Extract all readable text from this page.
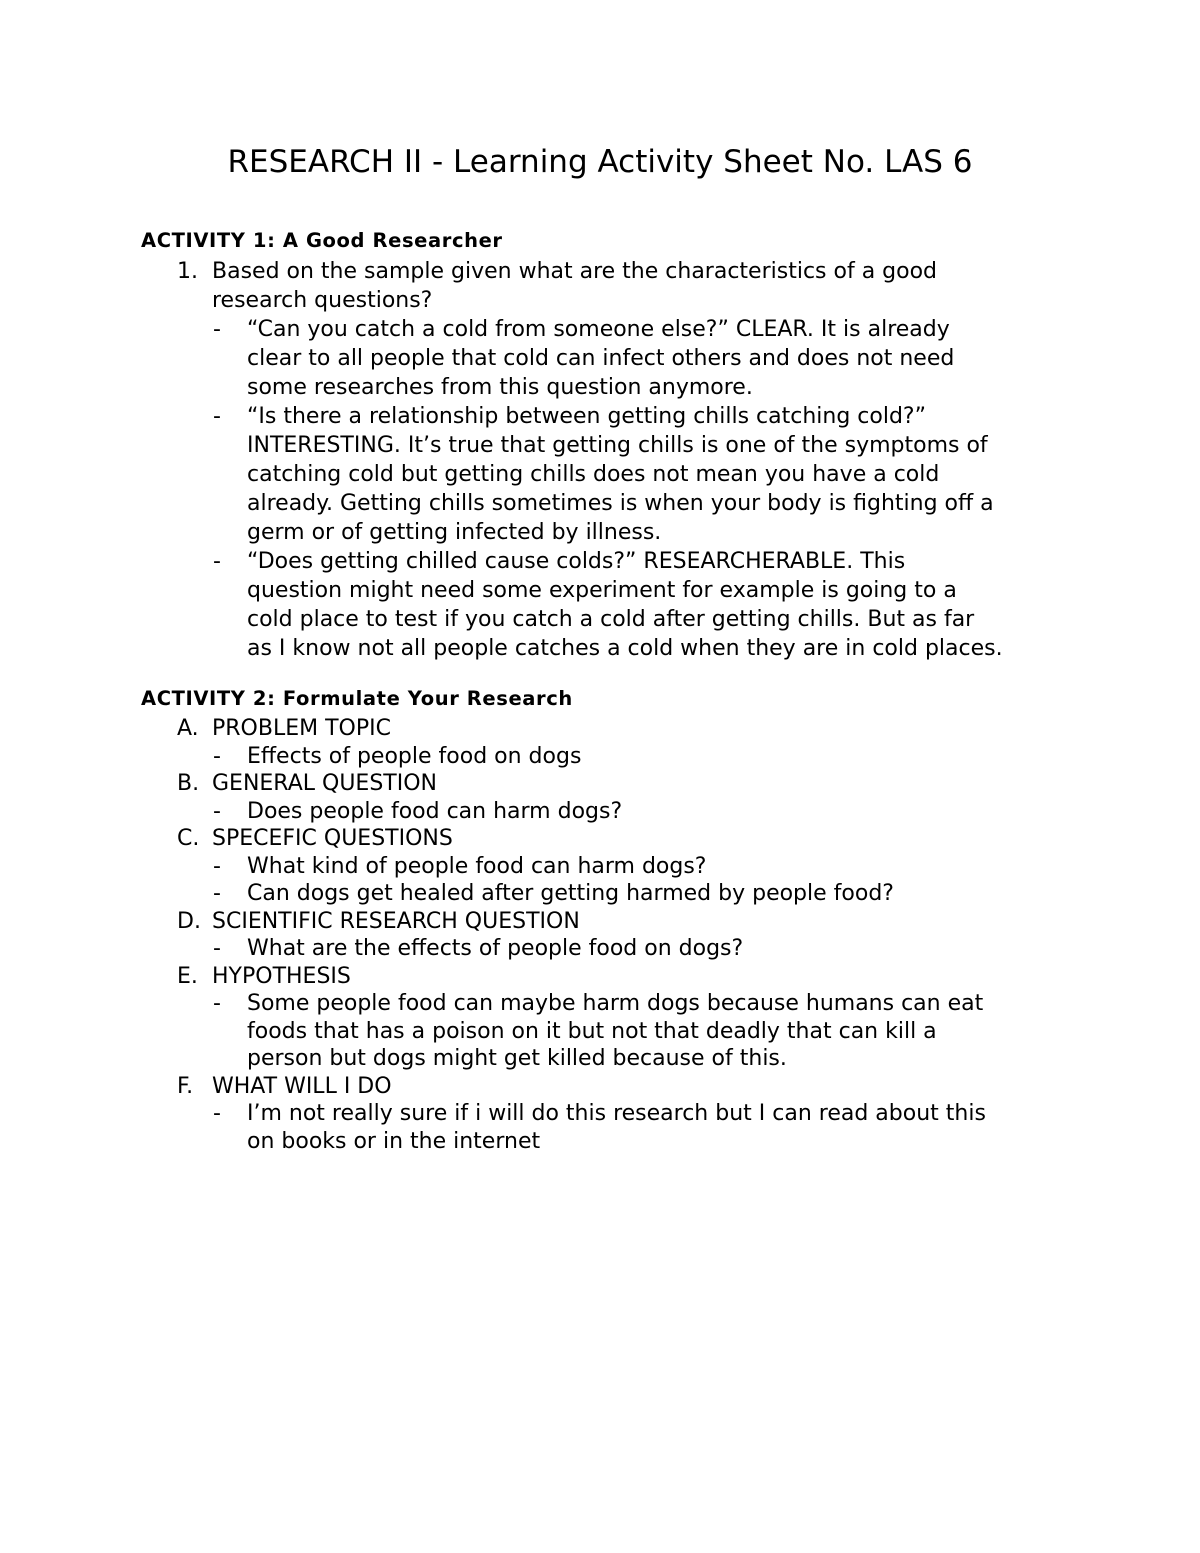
RESEARCH II - Learning Activity Sheet No. LAS 6
ACTIVITY 1: A Good Researcher
1. Based on the sample given what are the characteristics of a good
research questions?
- “Can you catch a cold from someone else?” CLEAR. It is already
clear to all people that cold can infect others and does not need
some researches from this question anymore.
- “Is there a relationship between getting chills catching cold?”
INTERESTING. It’s true that getting chills is one of the symptoms of
catching cold but getting chills does not mean you have a cold
already. Getting chills sometimes is when your body is fighting off a
germ or of getting infected by illness.
- “Does getting chilled cause colds?” RESEARCHERABLE. This
question might need some experiment for example is going to a
cold place to test if you catch a cold after getting chills. But as far
as I know not all people catches a cold when they are in cold places.
ACTIVITY 2: Formulate Your Research
A. PROBLEM TOPIC
- Effects of people food on dogs
B. GENERAL QUESTION
- Does people food can harm dogs?
C. SPECEFIC QUESTIONS
- What kind of people food can harm dogs?
- Can dogs get healed after getting harmed by people food?
D. SCIENTIFIC RESEARCH QUESTION
- What are the effects of people food on dogs?
E. HYPOTHESIS
- Some people food can maybe harm dogs because humans can eat
foods that has a poison on it but not that deadly that can kill a
person but dogs might get killed because of this.
F. WHAT WILL I DO
- I’m not really sure if i will do this research but I can read about this
on books or in the internet
